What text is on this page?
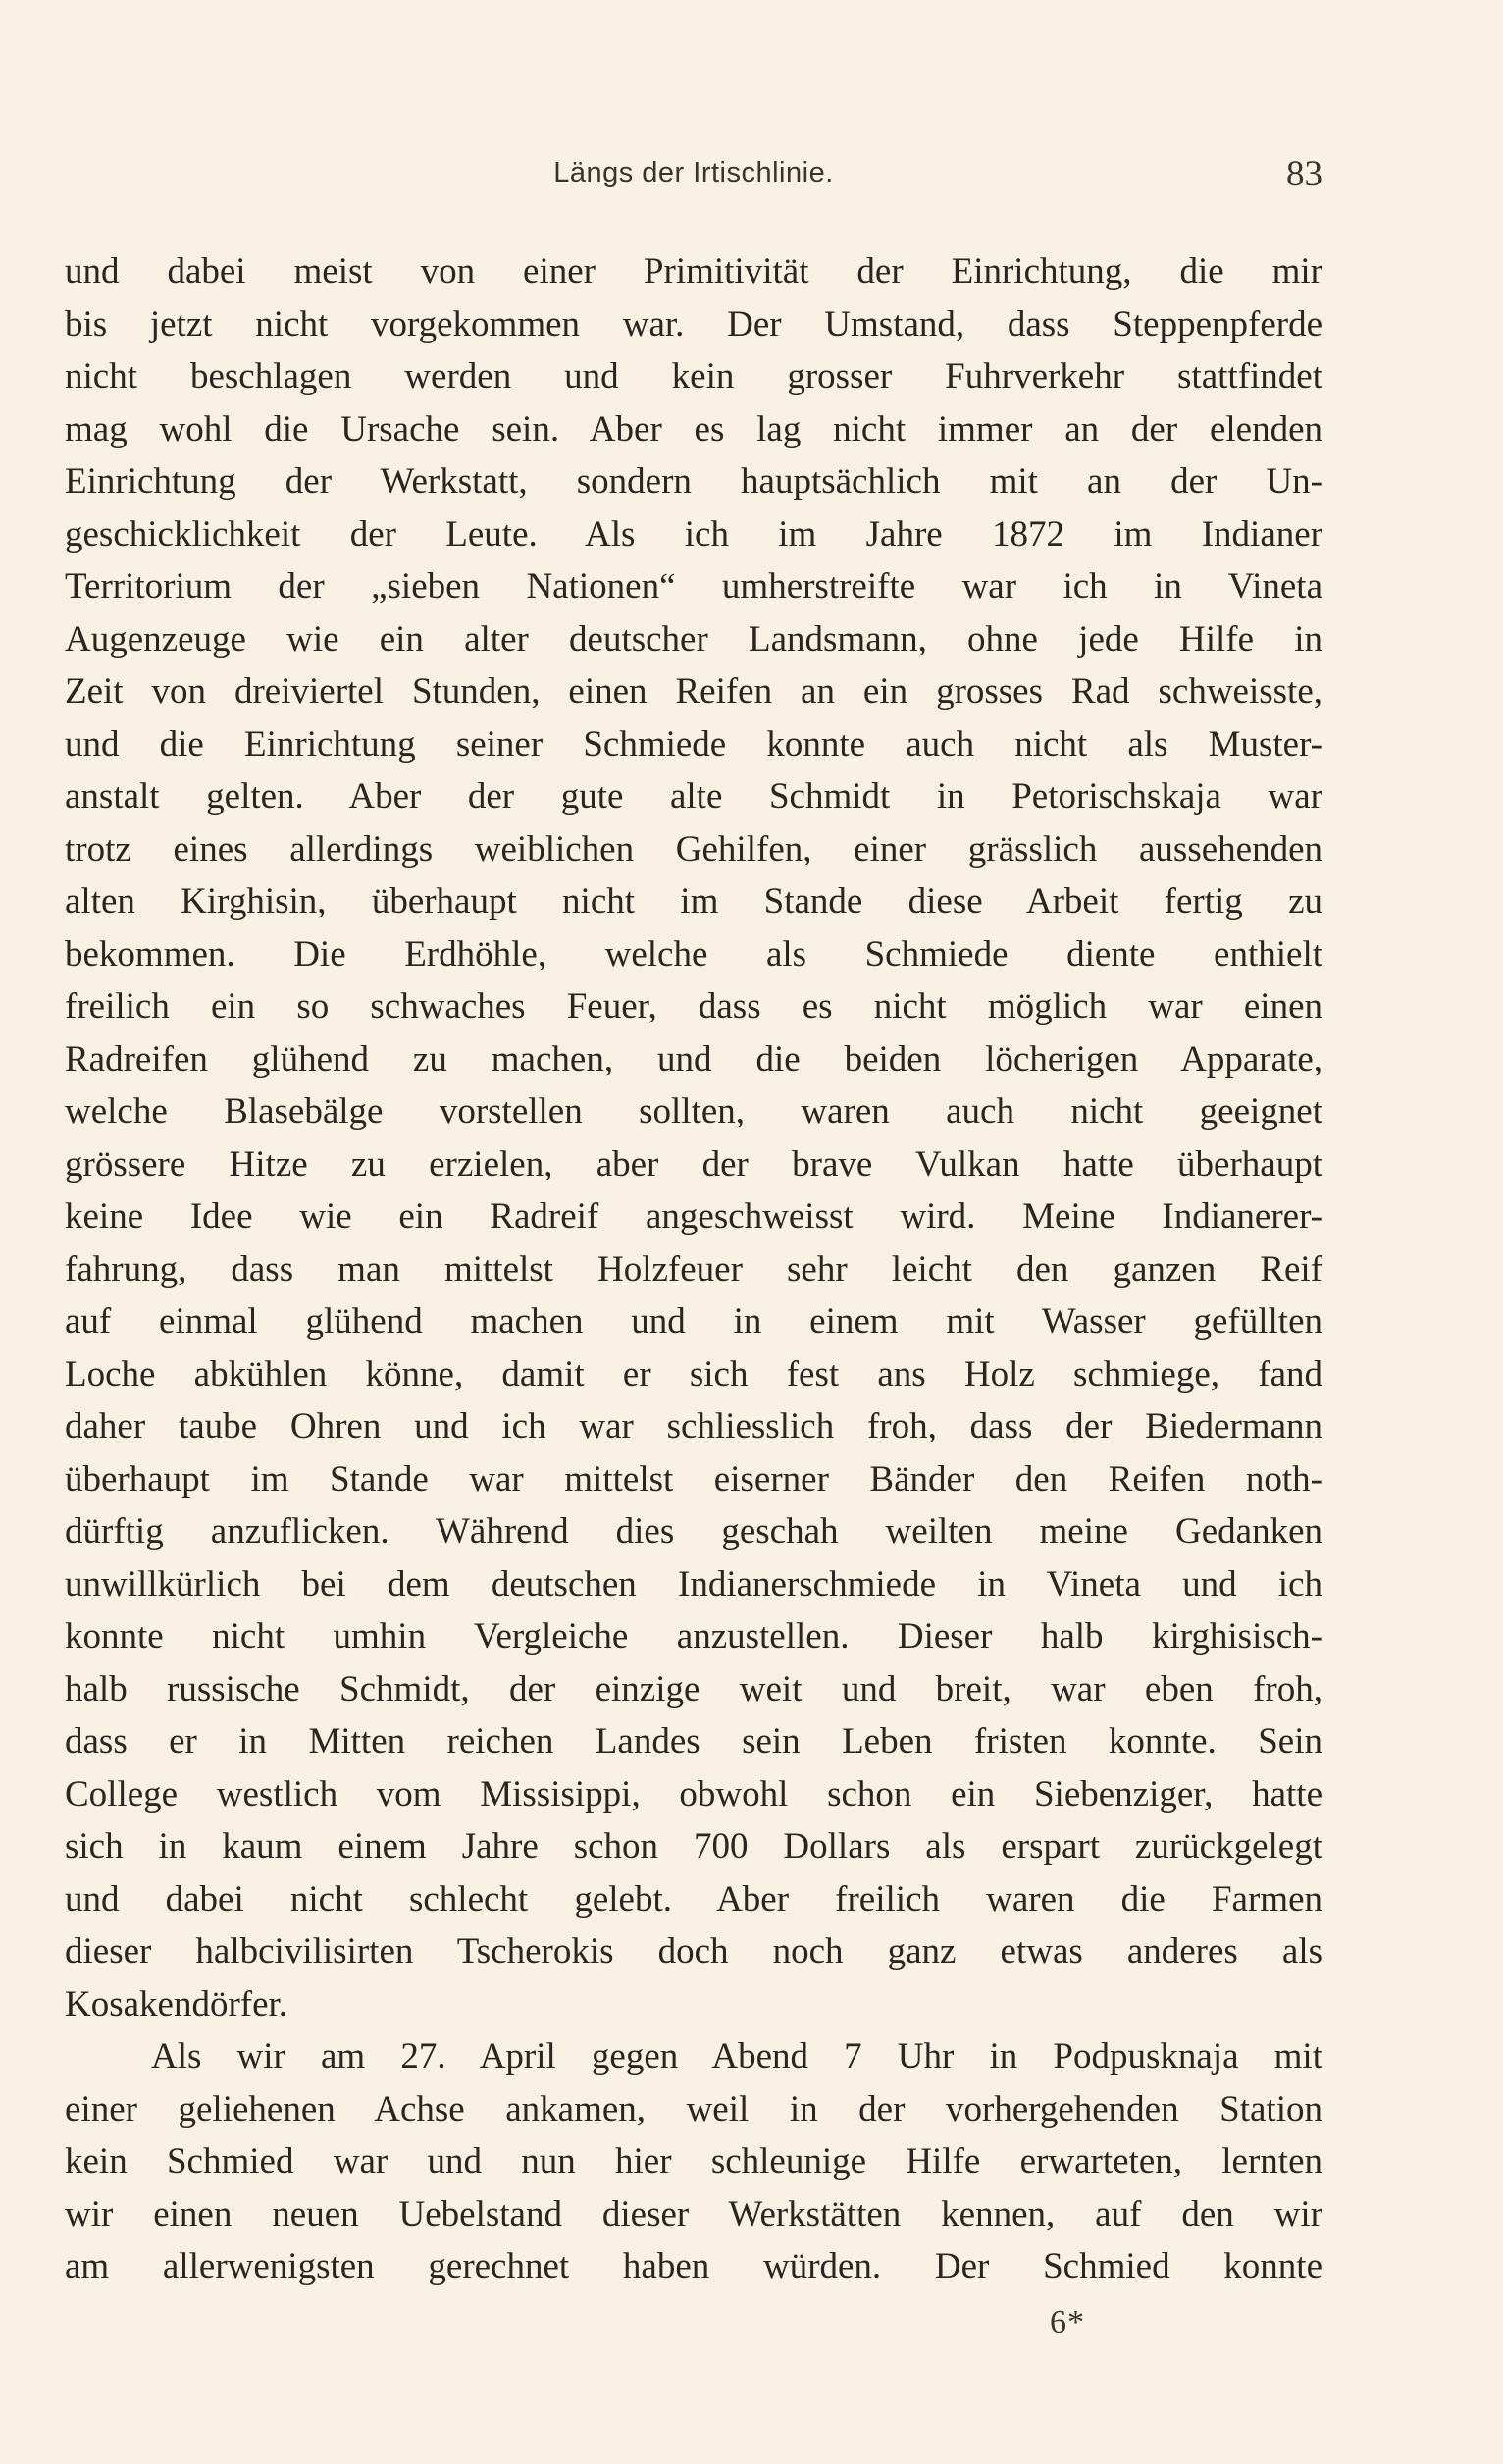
Längs der Irtischlinie.	83
und dabei meist von einer Primitivität der Einrichtung, die mir
bis jetzt nicht vorgekommen war. Der Umstand, dass Steppenpferde
nicht beschlagen werden und kein grosser Fuhrverkehr stattfindet
mag wohl die Ursache sein. Aber es lag nicht immer an der elenden
Einrichtung der Werkstatt, sondern hauptsächlich mit an der Un-
geschicklichkeit der Leute. Als ich im Jahre 1872 im Indianer
Territorium der „sieben Nationen“ umherstreifte war ich in Vineta
Augenzeuge wie ein alter deutscher Landsmann, ohne jede Hilfe in
Zeit von dreiviertel Stunden, einen Reifen an ein grosses Rad schweisste,
und die Einrichtung seiner Schmiede konnte auch nicht als Muster-
anstalt gelten. Aber der gute alte Schmidt in Petorischskaja war
trotz eines allerdings weiblichen Gehilfen, einer grässlich aussehenden
alten Kirghisin, überhaupt nicht im Stande diese Arbeit fertig zu
bekommen. Die Erdhöhle, welche als Schmiede diente enthielt
freilich ein so schwaches Feuer, dass es nicht möglich war einen
Radreifen glühend zu machen, und die beiden löcherigen Apparate,
welche Blasebälge vorstellen sollten, waren auch nicht geeignet
grössere Hitze zu erzielen, aber der brave Vulkan hatte überhaupt
keine Idee wie ein Radreif angeschweisst wird. Meine Indianerer-
fahrung, dass man mittelst Holzfeuer sehr leicht den ganzen Reif
auf einmal glühend machen und in einem mit Wasser gefüllten
Loche abkühlen könne, damit er sich fest ans Holz schmiege, fand
daher taube Ohren und ich war schliesslich froh, dass der Biedermann
überhaupt im Stande war mittelst eiserner Bänder den Reifen noth-
dürftig anzuflicken. Während dies geschah weilten meine Gedanken
unwillkürlich bei dem deutschen Indianerschmiede in Vineta und ich
konnte nicht umhin Vergleiche anzustellen. Dieser halb kirghisisch-
halb russische Schmidt, der einzige weit und breit, war eben froh,
dass er in Mitten reichen Landes sein Leben fristen konnte. Sein
College westlich vom Missisippi, obwohl schon ein Siebenziger, hatte
sich in kaum einem Jahre schon 700 Dollars als erspart zurückgelegt
und dabei nicht schlecht gelebt. Aber freilich waren die Farmen
dieser halbcivilisirten Tscherokis doch noch ganz etwas anderes als
Kosakendörfer.
Als wir am 27. April gegen Abend 7 Uhr in Podpusknaja mit
einer geliehenen Achse ankamen, weil in der vorhergehenden Station
kein Schmied war und nun hier schleunige Hilfe erwarteten, lernten
wir einen neuen Uebelstand dieser Werkstätten kennen, auf den wir
am allerwenigsten gerechnet haben würden. Der Schmied konnte
6*
